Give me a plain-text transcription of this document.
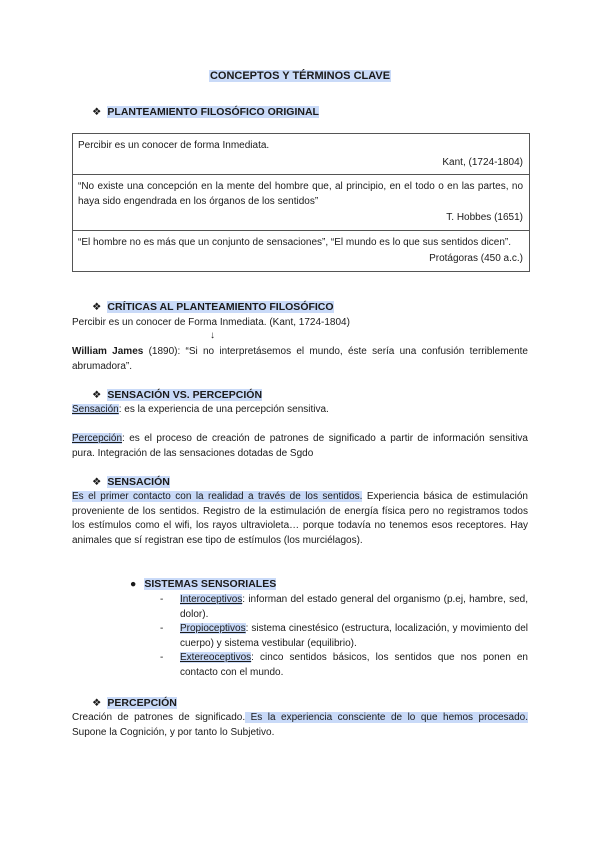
CONCEPTOS Y TÉRMINOS CLAVE
❖ PLANTEAMIENTO FILOSÓFICO ORIGINAL
Percibir es un conocer de forma Inmediata.
Kant, (1724-1804)
“No existe una concepción en la mente del hombre que, al principio, en el todo o en las partes, no haya sido engendrada en los órganos de los sentidos”
T. Hobbes (1651)
“El hombre no es más que un conjunto de sensaciones”, “El mundo es lo que sus sentidos dicen”.
Protágoras (450 a.c.)
❖ CRÍTICAS AL PLANTEAMIENTO FILOSÓFICO
Percibir es un conocer de Forma Inmediata. (Kant, 1724-1804)
↓
William James (1890): “Si no interpretásemos el mundo, éste sería una confusión terriblemente abrumadora”.
❖ SENSACIÓN VS. PERCEPCIÓN
Sensación: es la experiencia de una percepción sensitiva.
Percepción: es el proceso de creación de patrones de significado a partir de información sensitiva pura. Integración de las sensaciones dotadas de Sgdo
❖ SENSACIÓN
Es el primer contacto con la realidad a través de los sentidos. Experiencia básica de estimulación proveniente de los sentidos. Registro de la estimulación de energía física pero no registramos todos los estímulos como el wifi, los rayos ultravioleta… porque todavía no tenemos esos receptores. Hay animales que sí registran ese tipo de estímulos (los murciélagos).
● SISTEMAS SENSORIALES
-	Interoceptivos: informan del estado general del organismo (p.ej, hambre, sed, dolor).
-	Propioceptivos: sistema cinestésico (estructura, localización, y movimiento del cuerpo) y sistema vestibular (equilibrio).
-	Extereoceptivos: cinco sentidos básicos, los sentidos que nos ponen en contacto con el mundo.
❖ PERCEPCIÓN
Creación de patrones de significado. Es la experiencia consciente de lo que hemos procesado. Supone la Cognición, y por tanto lo Subjetivo.
